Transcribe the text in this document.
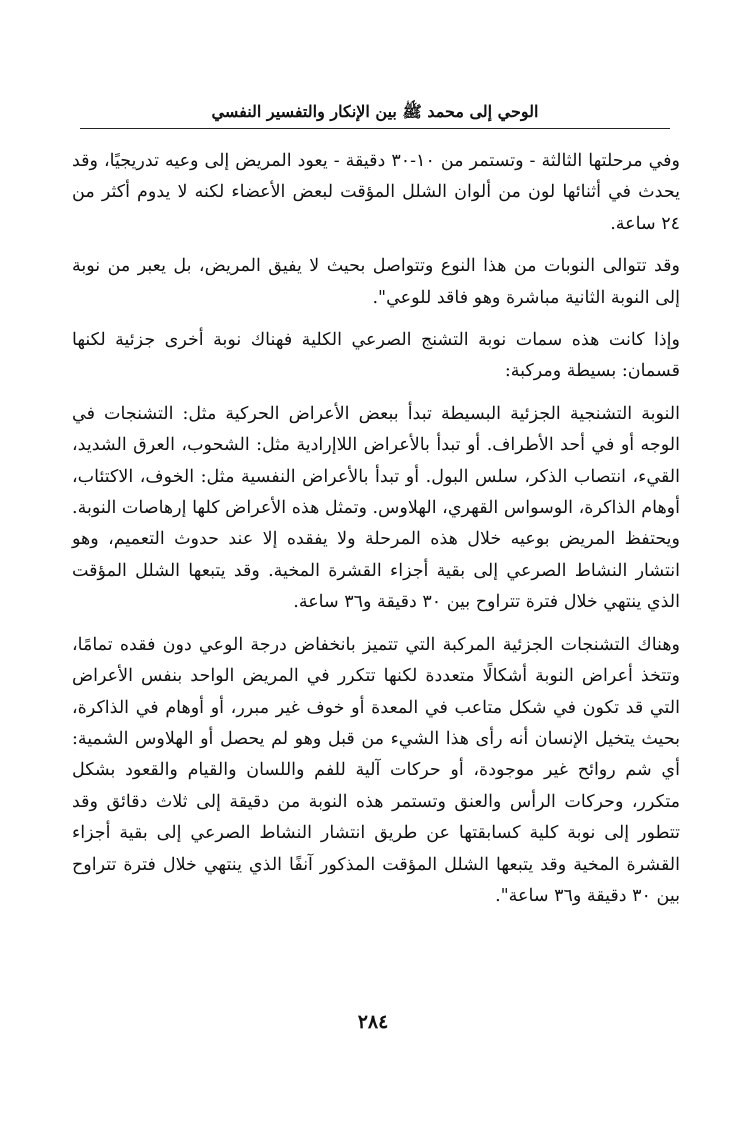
الوحي إلى محمد ﷺ بين الإنكار والتفسير النفسي

وفي مرحلتها الثالثة - وتستمر من ١٠-٣٠ دقيقة - يعود المريض إلى وعيه تدريجيًا، وقد يحدث في أثنائها لون من ألوان الشلل المؤقت لبعض الأعضاء لكنه لا يدوم أكثر من ٢٤ ساعة.

وقد تتوالى النوبات من هذا النوع وتتواصل بحيث لا يفيق المريض، بل يعبر من نوبة إلى النوبة الثانية مباشرة وهو فاقد للوعي".

وإذا كانت هذه سمات نوبة التشنج الصرعي الكلية فهناك نوبة أخرى جزئية لكنها قسمان: بسيطة ومركبة:

النوبة التشنجية الجزئية البسيطة تبدأ ببعض الأعراض الحركية مثل: التشنجات في الوجه أو في أحد الأطراف. أو تبدأ بالأعراض اللاإرادية مثل: الشحوب، العرق الشديد، القيء، انتصاب الذكر، سلس البول. أو تبدأ بالأعراض النفسية مثل: الخوف، الاكتئاب، أوهام الذاكرة، الوسواس القهري، الهلاوس. وتمثل هذه الأعراض كلها إرهاصات النوبة. ويحتفظ المريض بوعيه خلال هذه المرحلة ولا يفقده إلا عند حدوث التعميم، وهو انتشار النشاط الصرعي إلى بقية أجزاء القشرة المخية. وقد يتبعها الشلل المؤقت الذي ينتهي خلال فترة تتراوح بين ٣٠ دقيقة و٣٦ ساعة.

وهناك التشنجات الجزئية المركبة التي تتميز بانخفاض درجة الوعي دون فقده تمامًا، وتتخذ أعراض النوبة أشكالًا متعددة لكنها تتكرر في المريض الواحد بنفس الأعراض التي قد تكون في شكل متاعب في المعدة أو خوف غير مبرر، أو أوهام في الذاكرة، بحيث يتخيل الإنسان أنه رأى هذا الشيء من قبل وهو لم يحصل أو الهلاوس الشمية: أي شم روائح غير موجودة، أو حركات آلية للفم واللسان والقيام والقعود بشكل متكرر، وحركات الرأس والعنق وتستمر هذه النوبة من دقيقة إلى ثلاث دقائق وقد تتطور إلى نوبة كلية كسابقتها عن طريق انتشار النشاط الصرعي إلى بقية أجزاء القشرة المخية وقد يتبعها الشلل المؤقت المذكور آنفًا الذي ينتهي خلال فترة تتراوح بين ٣٠ دقيقة و٣٦ ساعة".

٢٨٤
